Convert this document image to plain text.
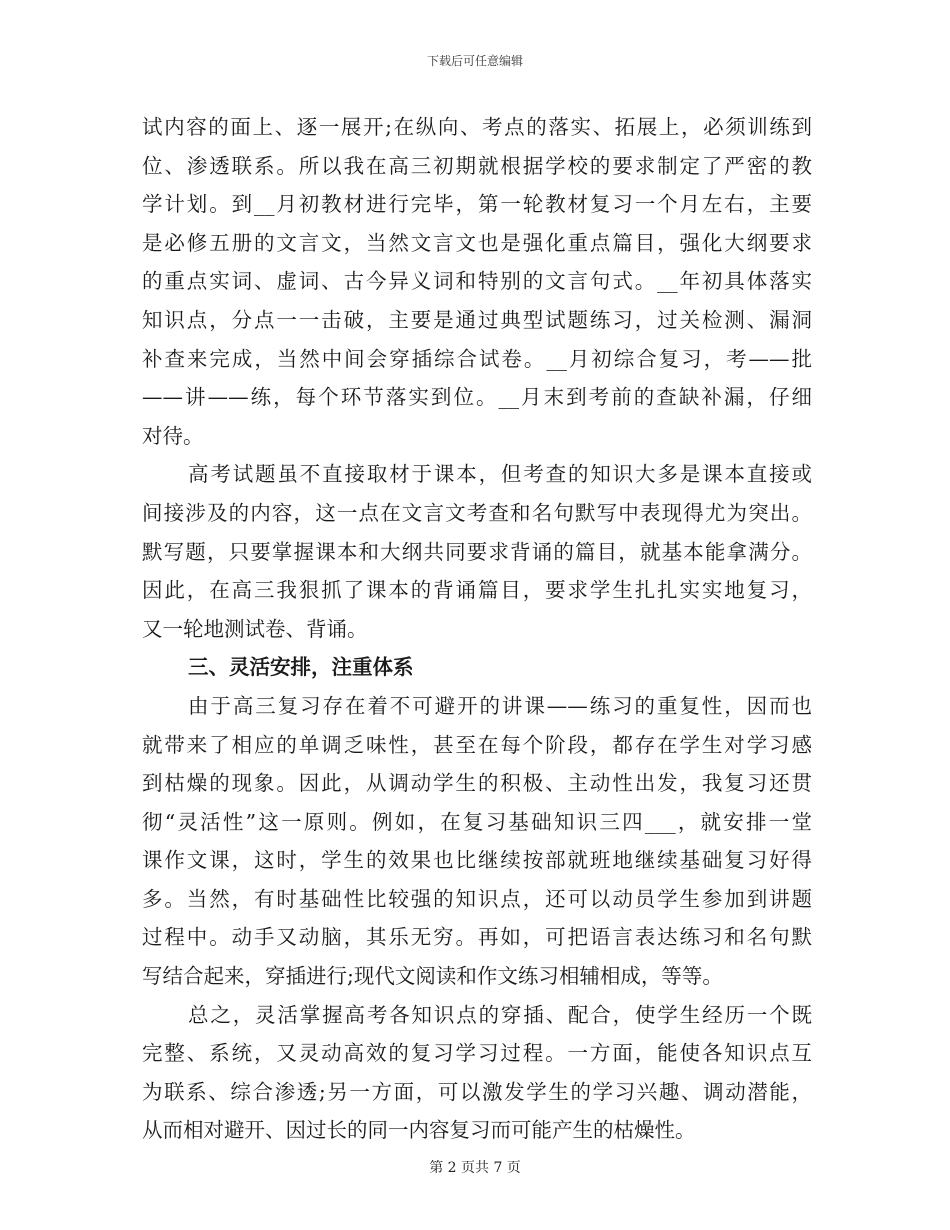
下载后可任意编辑
试内容的面上、逐一展开;在纵向、考点的落实、拓展上，必须训练到
位、渗透联系。所以我在高三初期就根据学校的要求制定了严密的教
学计划。到__月初教材进行完毕，第一轮教材复习一个月左右，主要
是必修五册的文言文，当然文言文也是强化重点篇目，强化大纲要求
的重点实词、虚词、古今异义词和特别的文言句式。__年初具体落实
知识点，分点一一击破，主要是通过典型试题练习，过关检测、漏洞
补查来完成，当然中间会穿插综合试卷。__月初综合复习，考——批
——讲——练，每个环节落实到位。__月末到考前的查缺补漏，仔细
对待。
高考试题虽不直接取材于课本，但考查的知识大多是课本直接或
间接涉及的内容，这一点在文言文考查和名句默写中表现得尤为突出。
默写题，只要掌握课本和大纲共同要求背诵的篇目，就基本能拿满分。
因此，在高三我狠抓了课本的背诵篇目，要求学生扎扎实实地复习，
又一轮地测试卷、背诵。
三、灵活安排，注重体系
由于高三复习存在着不可避开的讲课——练习的重复性，因而也
就带来了相应的单调乏味性，甚至在每个阶段，都存在学生对学习感
到枯燥的现象。因此，从调动学生的积极、主动性出发，我复习还贯
彻“灵活性”这一原则。例如，在复习基础知识三四___，就安排一堂
课作文课，这时，学生的效果也比继续按部就班地继续基础复习好得
多。当然，有时基础性比较强的知识点，还可以动员学生参加到讲题
过程中。动手又动脑，其乐无穷。再如，可把语言表达练习和名句默
写结合起来，穿插进行;现代文阅读和作文练习相辅相成，等等。
总之，灵活掌握高考各知识点的穿插、配合，使学生经历一个既
完整、系统，又灵动高效的复习学习过程。一方面，能使各知识点互
为联系、综合渗透;另一方面，可以激发学生的学习兴趣、调动潜能，
从而相对避开、因过长的同一内容复习而可能产生的枯燥性。
第 2 页共 7 页
